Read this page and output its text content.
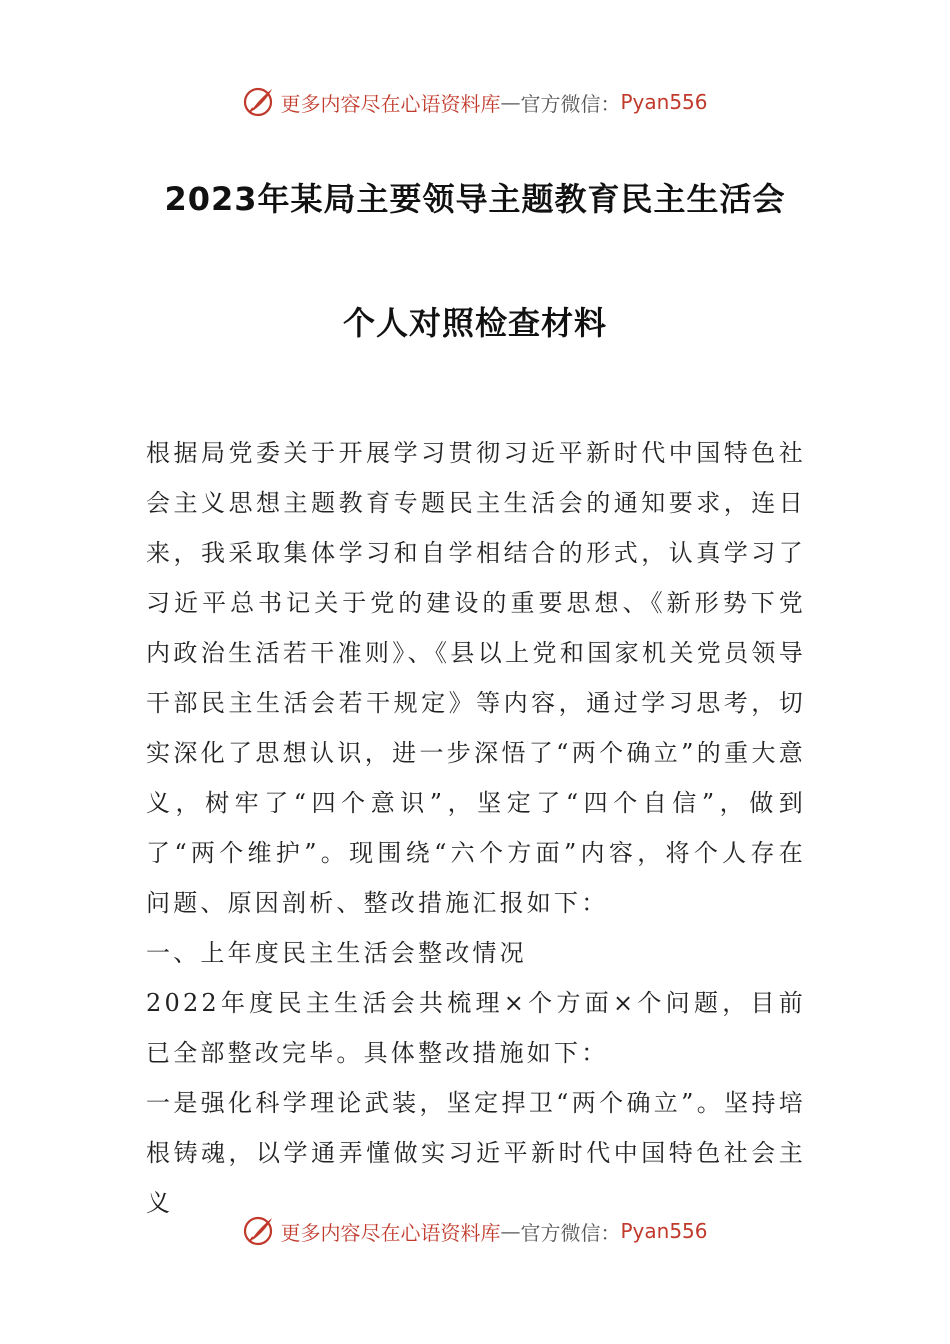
更多内容尽在心语资料库 — 官方微信： Pyan556
2023年某局主要领导主题教育民主生活会
个人对照检查材料

根据局党委关于开展学习贯彻习近平新时代中国特色社会主义思想主题教育专题民主生活会的通知要求，连日来，我采取集体学习和自学相结合的形式，认真学习了习近平总书记关于党的建设的重要思想、《新形势下党内政治生活若干准则》、《县以上党和国家机关党员领导干部民主生活会若干规定》等内容，通过学习思考，切实深化了思想认识，进一步深悟了“两个确立”的重大意义，树牢了“四个意识”，坚定了“四个自信”，做到了“两个维护”。现围绕“六个方面”内容，将个人存在问题、原因剖析、整改措施汇报如下：

一、上年度民主生活会整改情况

2022年度民主生活会共梳理×个方面×个问题，目前已全部整改完毕。具体整改措施如下：

一是强化科学理论武装，坚定捍卫“两个确立”。坚持培根铸魂，以学通弄懂做实习近平新时代中国特色社会主义

更多内容尽在心语资料库 — 官方微信： Pyan556
